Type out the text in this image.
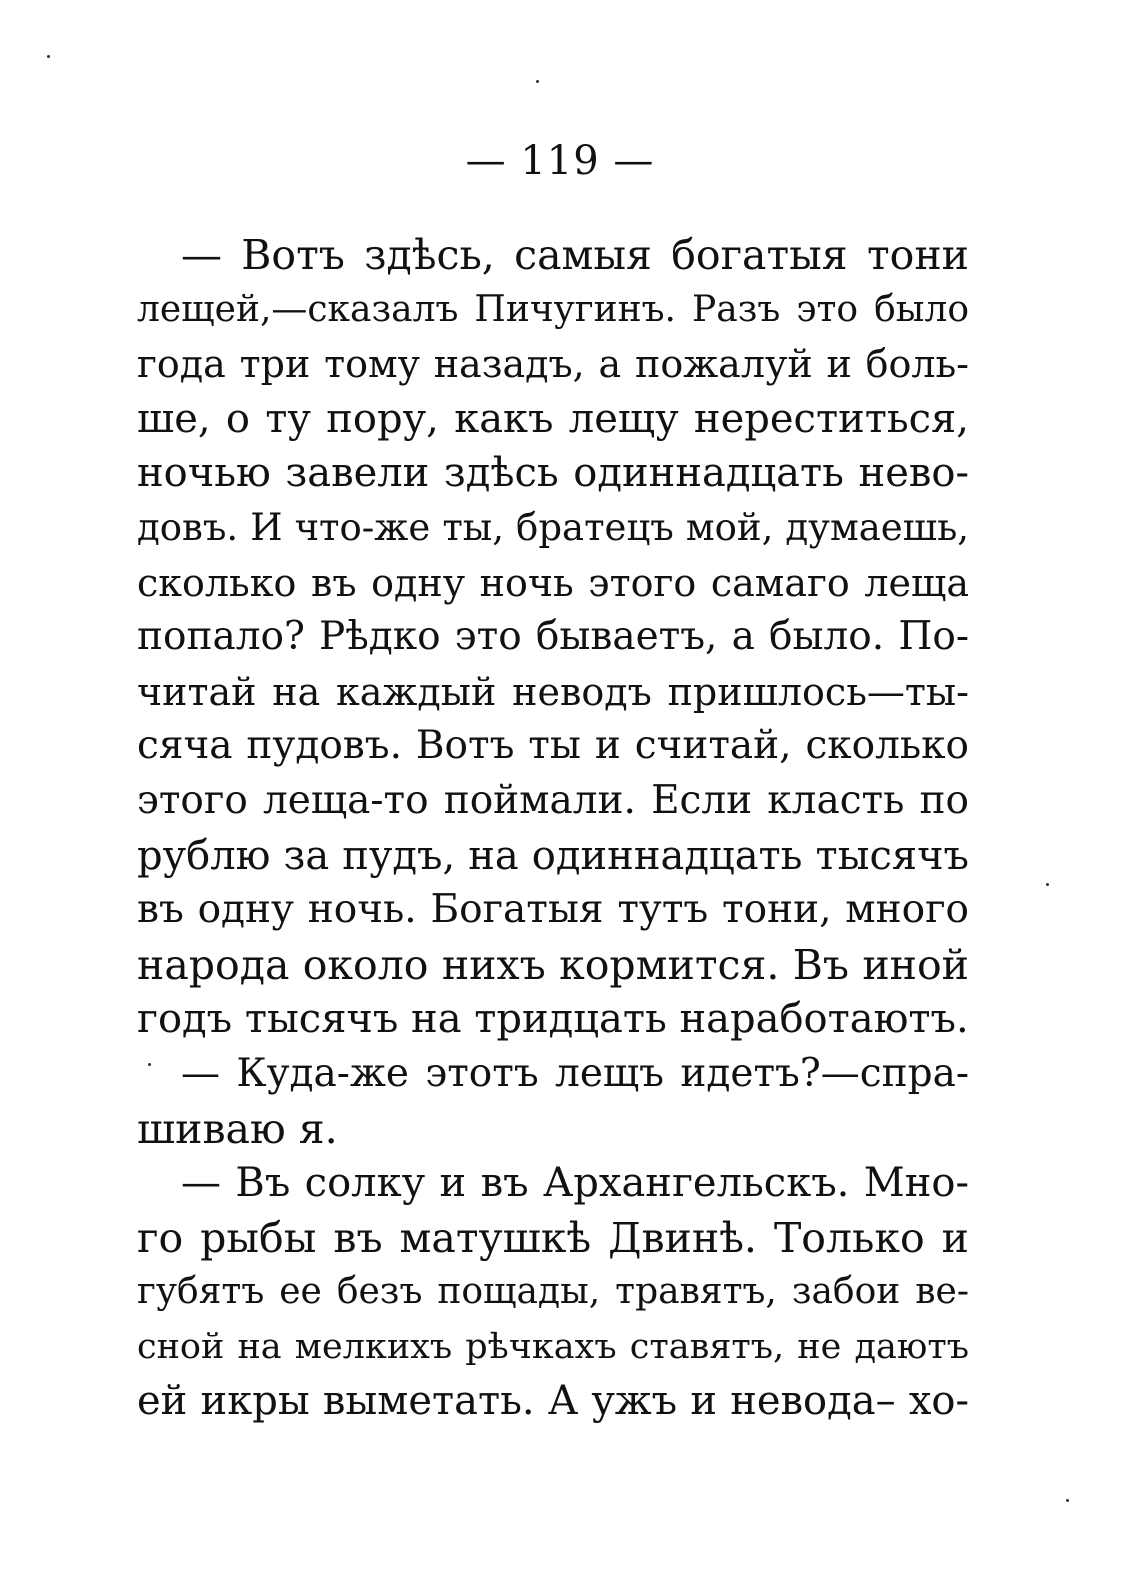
— 119 —
— Вотъ здѣсь, самыя богатыя тони
лещей,—сказалъ Пичугинъ. Разъ это было
года три тому назадъ, а пожалуй и боль-
ше, о ту пору, какъ лещу нереститься,
ночью завели здѣсь одиннадцать нево-
довъ. И что-же ты, братецъ мой, думаешь,
сколько въ одну ночь этого самаго леща
попало? Рѣдко это бываетъ, а было. По-
читай на каждый неводъ пришлось—ты-
сяча пудовъ. Вотъ ты и считай, сколько
этого леща-то поймали. Если класть по
рублю за пудъ, на одиннадцать тысячъ
въ одну ночь. Богатыя тутъ тони, много
народа около нихъ кормится. Въ иной
годъ тысячъ на тридцать наработаютъ.
— Куда-же этотъ лещъ идетъ?—спра-
шиваю я.
— Въ солку и въ Архангельскъ. Мно-
го рыбы въ матушкѣ Двинѣ. Только и
губятъ ее безъ пощады, травятъ, забои ве-
сной на мелкихъ рѣчкахъ ставятъ, не даютъ
ей икры выметать. А ужъ и невода– хо-
